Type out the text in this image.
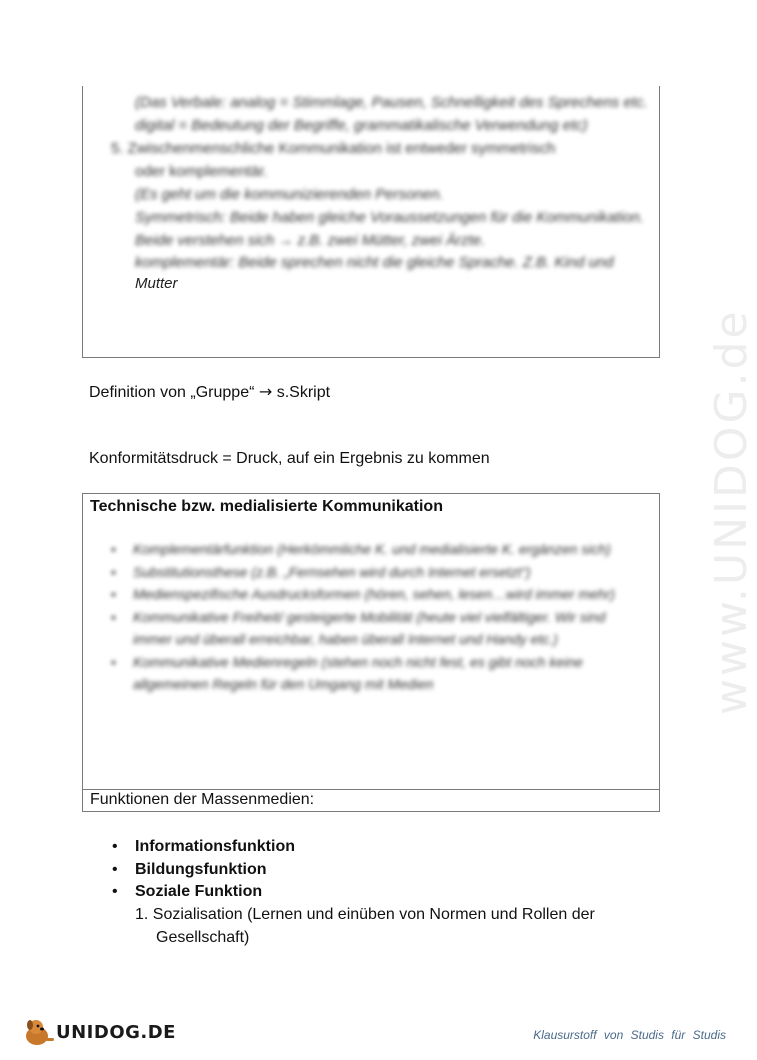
(Das Verbale: analog = Stimmlage, Pausen, Schnelligkeit des Sprechens etc.
digital = Bedeutung der Begriffe, grammatikalische Verwendung etc)
5. Zwischenmenschliche Kommunikation ist entweder symmetrisch
oder komplementär.
(Es geht um die kommunizierenden Personen.
Symmetrisch: Beide haben gleiche Voraussetzungen für die Kommunikation.
Beide verstehen sich → z.B. zwei Mütter, zwei Ärzte.
komplementär: Beide sprechen nicht die gleiche Sprache. Z.B. Kind und
Mutter
Definition von „Gruppe“ → s.Skript
Konformitätsdruck = Druck, auf ein Ergebnis zu kommen
Technische bzw. medialisierte Kommunikation
• Komplementärfunktion (Herkömmliche K. und medialisierte K. ergänzen sich)
• Substitutionsthese (z.B. „Fernsehen wird durch Internet ersetzt“)
• Medienspezifische Ausdrucksformen (hören, sehen, lesen…wird immer mehr)
• Kommunikative Freiheit/ gesteigerte Mobilität (heute viel vielfältiger. Wir sind immer und überall erreichbar, haben überall Internet und Handy etc.)
• Kommunikative Medienregeln (stehen noch nicht fest, es gibt noch keine allgemeinen Regeln für den Umgang mit Medien
Funktionen der Massenmedien:
• Informationsfunktion
• Bildungsfunktion
• Soziale Funktion
1. Sozialisation (Lernen und einüben von Normen und Rollen der
Gesellschaft)
www.UNIDOG.de
UNIDOG.DE	Klausurstoff von Studis für Studis
